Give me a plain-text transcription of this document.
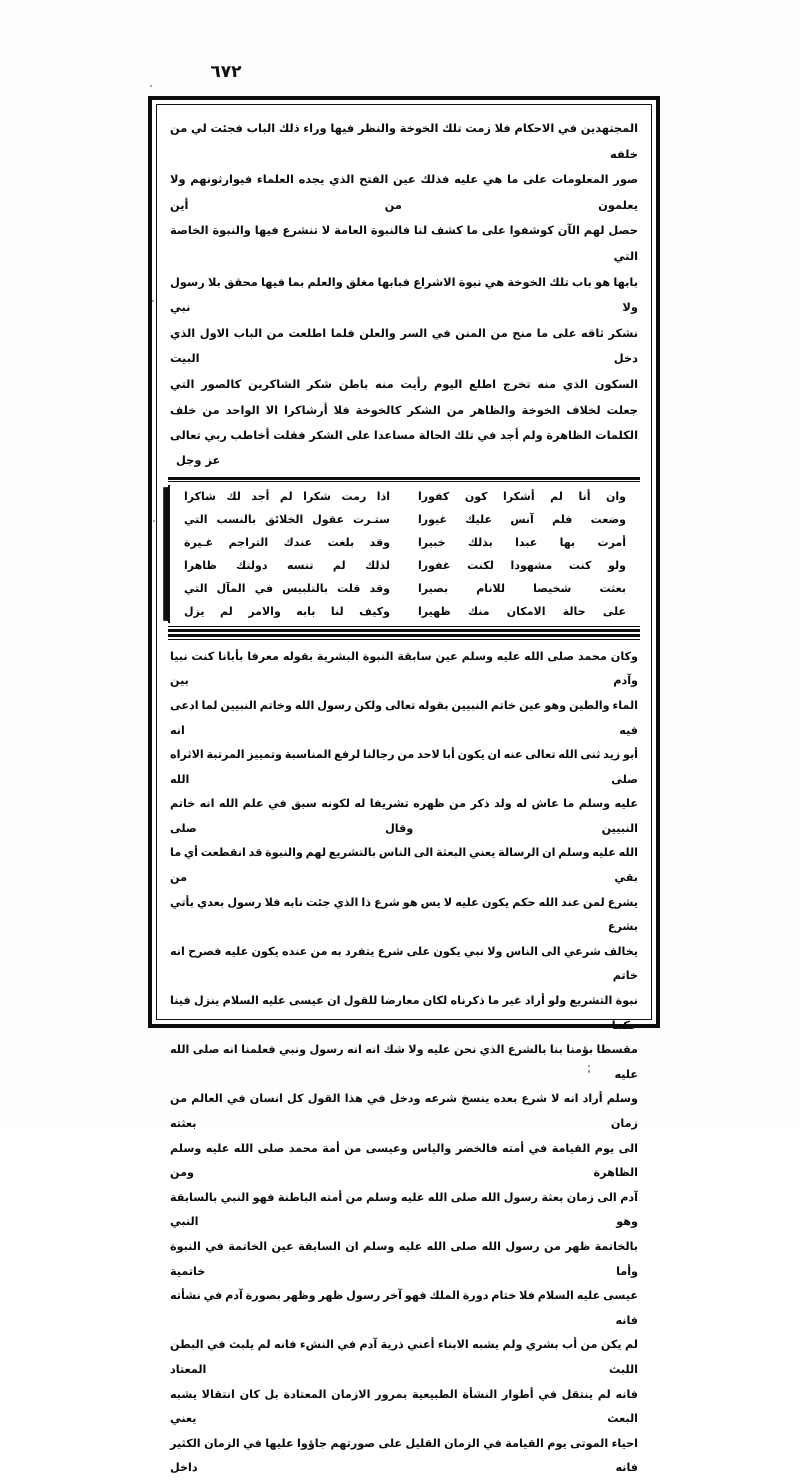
٦٧٢
المجتهدين في الاحكام فلا زمت تلك الخوخة والنظر فيها وراء ذلك الباب فجئت لي من خلفه
صور المعلومات على ما هي عليه فذلك عين الفتح الذي يجده العلماء فيوارثونهم ولا يعلمون من أين
حصل لهم الآن كوشفوا على ما كشف لنا فالنبوة العامة لا تنشرع فيها والنبوة الخاصة التي
بابها هو باب تلك الخوخة هي نبوة الاشراع فبابها مغلق والعلم بما فيها محقق بلا رسول ولا نبي
نشكر ثاقه على ما منح من المنن في السر والعلن فلما اطلعت من الباب الاول الذي دخل البيت
السكون الذي منه تخرج اطلع اليوم رأيت منه باطن شكر الشاكرين كالصور التي
جعلت لخلاف الخوخة والظاهر من الشكر كالخوخة فلا أرشاكرا الا الواحد من خلف
الكلمات الظاهرة ولم أجد في تلك الحالة مساعدا على الشكر فقلت أخاطب ربي تعالى
عز وجل
اذا رمت شكرا لم أجد لك شاكرا
ستـرت عقول الخلائق بالنسب التي
وقد بلغت عندك التراجم غـيرة
لذلك لم تنسه دولتك ظاهرا
وقد قلت بالتلبيس في المآل التي
وكيف لنا بابه والامر لم يزل
وان أنا لم أشكرا كون كفورا
وضعت فلم آنس عليك غيورا
أمرت بها عبدا بذلك خبيرا
ولو كنت مشهودا لكنت غفورا
بعثت شخيصا للانام بصيرا
على حالة الامكان منك ظهيرا
وكان محمد صلى الله عليه وسلم عين سابقة النبوة البشرية بقوله معرفا بأبانا كنت نبيا وآدم بين
الماء والطين وهو عين خاتم النبيين بقوله تعالى ولكن رسول الله وخاتم النبيين لما ادعى فيه انه
أبو زيد ثنى الله تعالى عنه ان يكون أبا لاحد من رجالنا لرفع المناسبة وتمييز المرتبة الاثراه صلى الله
عليه وسلم ما عاش له ولد ذكر من ظهره تشريفا له لكونه سبق في علم الله انه خاتم النبيين وقال صلى
الله عليه وسلم ان الرسالة يعني البعثة الى الناس بالتشريع لهم والنبوة قد انقطعت أي ما بقي من
يشرع لمن عند الله حكم يكون عليه لا يس هو شرع ذا الذي جئت نابه فلا رسول بعدي بأتي بشرع
يخالف شرعي الى الناس ولا نبي يكون على شرع يتفرد به من عنده يكون عليه فصرح انه خاتم
نبوة التشريع ولو أراد غير ما ذكرناه لكان معارضا للقول ان عيسى عليه السلام ينزل فينا حكما
مقسطا بؤمنا بنا بالشرع الذي نحن عليه ولا شك انه انه رسول ونبي فعلمنا انه صلى الله عليه
وسلم أراد انه لا شرع بعده ينسخ شرعه ودخل في هذا القول كل انسان في العالم من زمان بعثته
الى يوم القيامة في أمته فالخضر والياس وعيسى من أمة محمد صلى الله عليه وسلم الظاهرة ومن
آدم الى زمان بعثة رسول الله صلى الله عليه وسلم من أمته الباطنة فهو النبي بالسابقة وهو النبي
بالخاتمة ظهر من رسول الله صلى الله عليه وسلم ان السابقة عين الخاتمة في النبوة وأما خاتمية
عيسى عليه السلام فلا ختام دورة الملك فهو آخر رسول ظهر وظهر بصورة آدم في نشأته فانه
لم يكن من أب بشري ولم يشبه الابناء أعني ذرية آدم في النشء فانه لم يلبث في البطن اللبث المعتاد
فانه لم ينتقل في أطوار النشأة الطبيعية بمرور الازمان المعتادة بل كان انتقالا يشبه البعث يعني
احياء الموتى يوم القيامة في الزمان القليل على صورتهم جاؤوا عليها في الزمان الكثير فانه داخل
